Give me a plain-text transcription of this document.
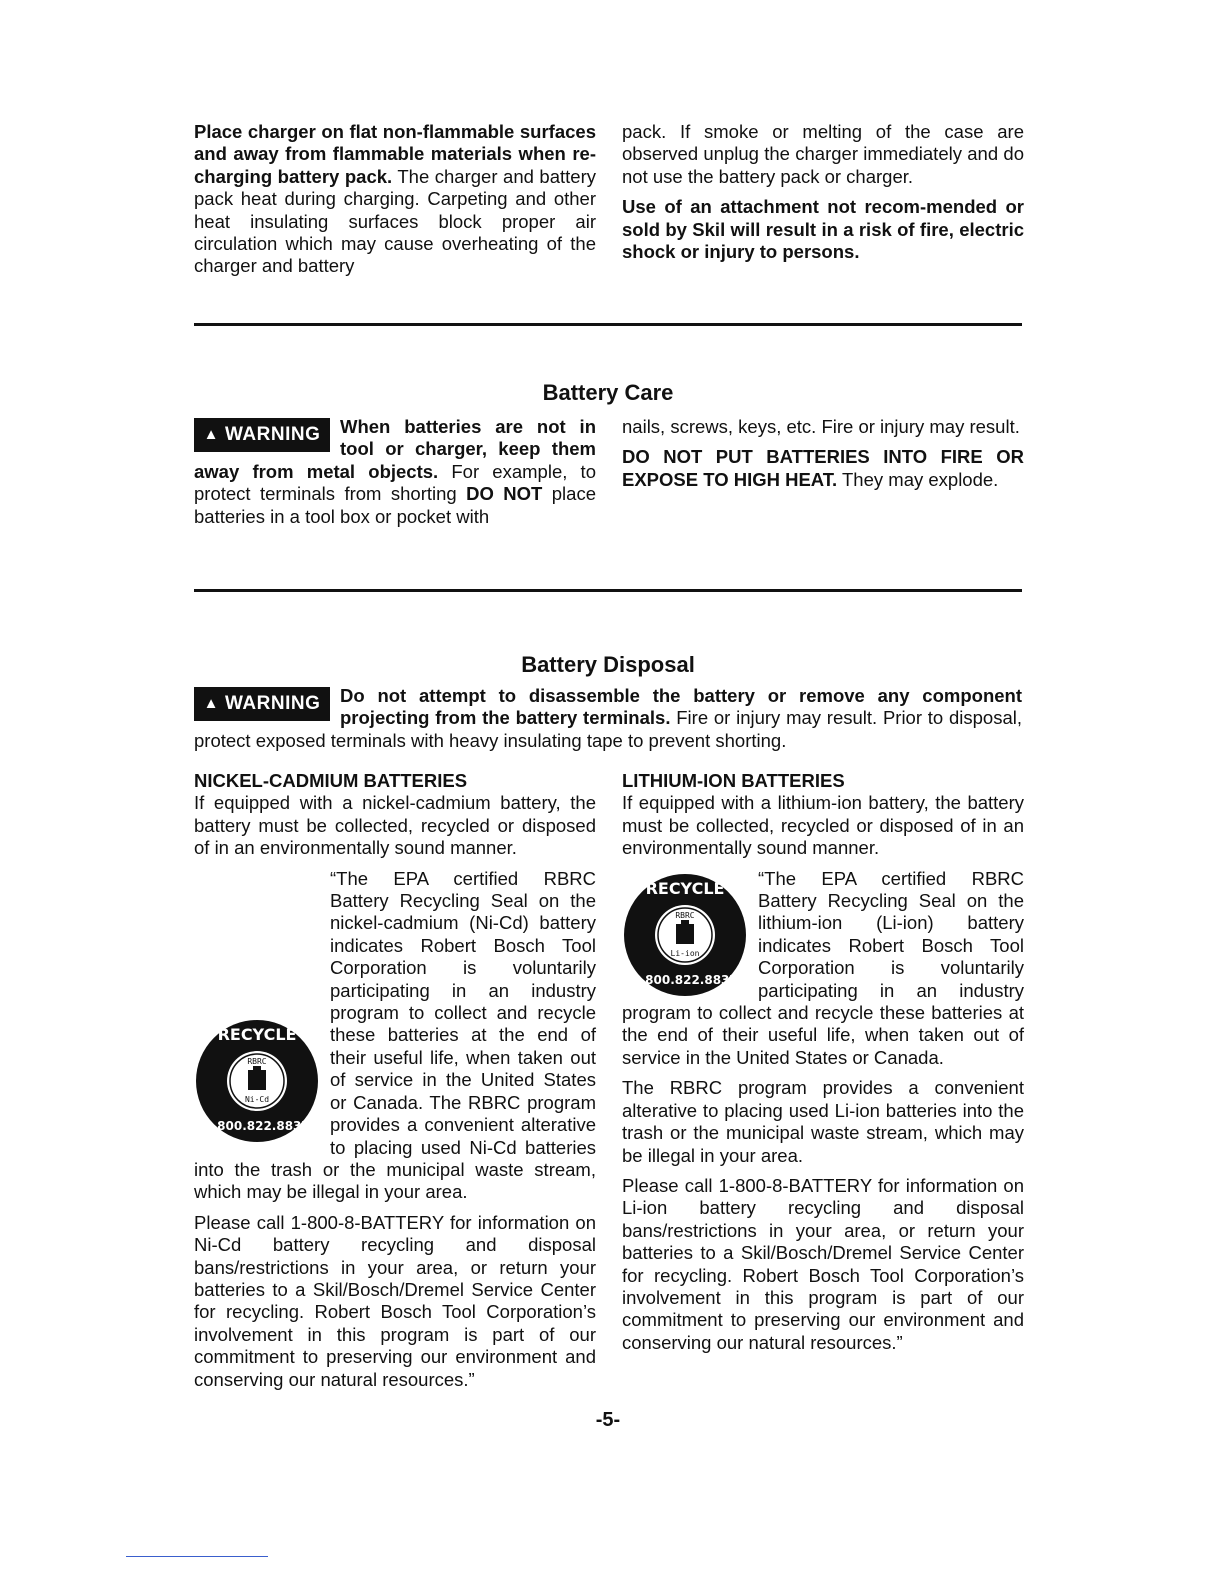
Place charger on flat non-flammable surfaces and away from flammable materials when re-charging battery pack. The charger and battery pack heat during charging. Carpeting and other heat insulating surfaces block proper air circulation which may cause overheating of the charger and battery

pack. If smoke or melting of the case are observed unplug the charger immediately and do not use the battery pack or charger.

Use of an attachment not recom-mended or sold by Skil will result in a risk of fire, electric shock or injury to persons.

Battery Care
▲ WARNING	When batteries are not in tool or charger, keep them away from metal objects. For example, to protect terminals from shorting DO NOT place batteries in a tool box or pocket with

nails, screws, keys, etc. Fire or injury may result.

DO NOT PUT BATTERIES INTO FIRE OR EXPOSE TO HIGH HEAT. They may explode.

Battery Disposal
▲ WARNING	Do not attempt to disassemble the battery or remove any component projecting from the battery terminals. Fire or injury may result. Prior to disposal, protect exposed terminals with heavy insulating tape to prevent shorting.

NICKEL-CADMIUM BATTERIES

If equipped with a nickel-cadmium battery, the battery must be collected, recycled or disposed of in an environmentally sound manner.

RECYCLE
RBRC
Ni-Cd
1.800.822.8837
“The EPA certified RBRC Battery Recycling Seal on the nickel-cadmium (Ni-Cd) battery indicates Robert Bosch Tool Corporation is voluntarily participating in an industry program to collect and recycle these batteries at the end of their useful life, when taken out of service in the United States or Canada. The RBRC program provides a convenient alterative to placing used Ni-Cd batteries into the trash or the municipal waste stream, which may be illegal in your area.

Please call 1-800-8-BATTERY for information on Ni-Cd battery recycling and disposal bans/restrictions in your area, or return your batteries to a Skil/Bosch/Dremel Service Center for recycling. Robert Bosch Tool Corporation’s involvement in this program is part of our commitment to preserving our environment and conserving our natural resources.”

LITHIUM-ION BATTERIES

If equipped with a lithium-ion battery, the battery must be collected, recycled or disposed of in an environmentally sound manner.

RECYCLE
RBRC
Li-ion
1.800.822.8837
“The EPA certified RBRC Battery Recycling Seal on the lithium-ion (Li-ion) battery indicates Robert Bosch Tool Corporation is voluntarily participating in an industry program to collect and recycle these batteries at the end of their useful life, when taken out of service in the United States or Canada.

The RBRC program provides a convenient alterative to placing used Li-ion batteries into the trash or the municipal waste stream, which may be illegal in your area.

Please call 1-800-8-BATTERY for information on Li-ion battery recycling and disposal bans/restrictions in your area, or return your batteries to a Skil/Bosch/Dremel Service Center for recycling. Robert Bosch Tool Corporation’s involvement in this program is part of our commitment to preserving our environment and conserving our natural resources.”

-5-
